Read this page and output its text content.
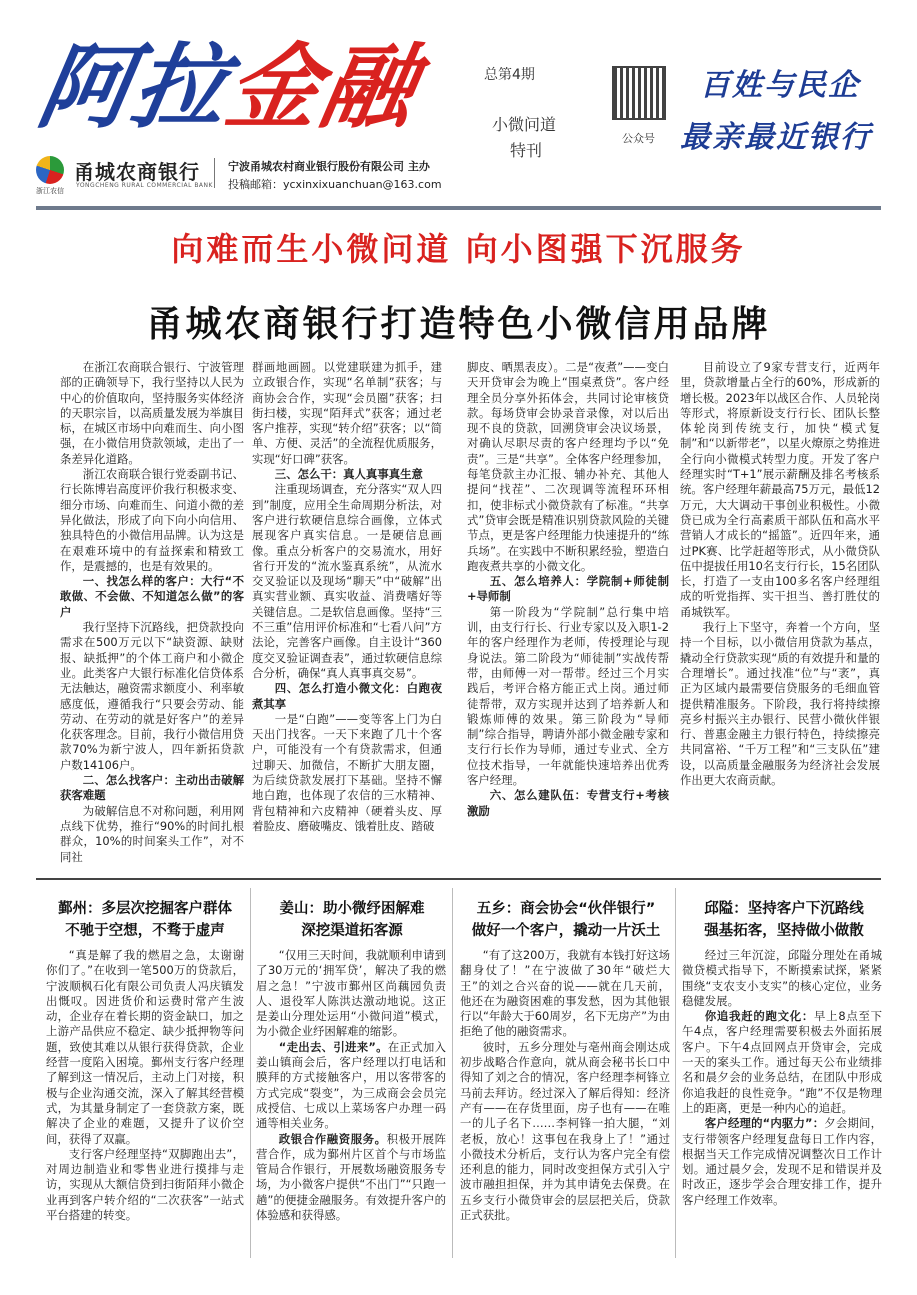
阿拉金融	总第4期
小微问道
特刊
公众号
百姓与民企
最亲最近银行
浙江农信
甬城农商银行
YONGCHENG RURAL COMMERCIAL BANK
宁波甬城农村商业银行股份有限公司 主办
投稿邮箱：ycxinxixuanchuan@163.com
向难而生小微问道 向小图强下沉服务
甬城农商银行打造特色小微信用品牌

在浙江农商联合银行、宁波管理部的正确领导下，我行坚持以人民为中心的价值取向，坚持服务实体经济的天职宗旨，以高质量发展为举旗目标，在城区市场中向难而生、向小图强，在小微信用贷款领域，走出了一条差异化道路。

浙江农商联合银行党委副书记、行长陈博岩高度评价我行积极求变、细分市场、向难而生、问道小微的差异化做法，形成了向下向小向信用、独具特色的小微信用品牌。认为这是在艰难环境中的有益探索和精致工作，是震撼的，也是有效果的。

一、找怎么样的客户：大行“不敢做、不会做、不知道怎么做”的客户

我行坚持下沉路线，把贷款投向需求在500万元以下“缺资源、缺财报、缺抵押”的个体工商户和小微企业。此类客户大银行标准化信贷体系无法触达，融资需求额度小、利率敏感度低，遵循我行“只要会劳动、能劳动、在劳动的就是好客户”的差异化获客理念。目前，我行小微信用贷款70%为新宁波人，四年新拓贷款户数14106户。

二、怎么找客户：主动出击破解获客难题

为破解信息不对称问题，利用网点线下优势，推行“90%的时间扎根群众，10%的时间案头工作”，对不同社

群画地画圆。以党建联建为抓手，建立政银合作，实现“名单制”获客；与商协会合作，实现“会员圈”获客；扫街扫楼，实现“陌拜式”获客；通过老客户推荐，实现“转介绍”获客；以“简单、方便、灵活”的全流程优质服务，实现“好口碑”获客。

三、怎么干：真人真事真生意

注重现场调查，充分落实“双人四到”制度，应用全生命周期分析法，对客户进行软硬信息综合画像，立体式展现客户真实信息。一是硬信息画像。重点分析客户的交易流水，用好省行开发的“流水鉴真系统”，从流水交叉验证以及现场“聊天”中“破解”出真实营业额、真实收益、消费嗜好等关键信息。二是软信息画像。坚持“三不三重”信用评价标准和“七看八问”方法论，完善客户画像。自主设计“360度交叉验证调查表”，通过软硬信息综合分析，确保“真人真事真交易”。

四、怎么打造小微文化：白跑夜煮其享

一是“白跑”——变等客上门为白天出门找客。一天下来跑了几十个客户，可能没有一个有贷款需求，但通过聊天、加微信，不断扩大朋友圈，为后续贷款发展打下基础。坚持不懈地白跑，也体现了农信的三水精神、背包精神和六皮精神（硬着头皮、厚着脸皮、磨破嘴皮、饿着肚皮、踏破

脚皮、晒黑表皮）。二是“夜煮”——变白天开贷审会为晚上“围桌煮贷”。客户经理全员分享外拓体会，共同讨论审核贷款。每场贷审会协录音录像，对以后出现不良的贷款，回溯贷审会决议场景，对确认尽职尽责的客户经理均予以“免责”。三是“共享”。全体客户经理参加，每笔贷款主办汇报、辅办补充、其他人提问“找茬”、二次现调等流程环环相扣，使非标式小微贷款有了标准。“共享式”贷审会既是精准识别贷款风险的关键节点，更是客户经理能力快速提升的“练兵场”。在实践中不断积累经验，塑造白跑夜煮共享的小微文化。

五、怎么培养人：学院制+师徒制+导师制

第一阶段为“学院制”总行集中培训，由支行行长、行业专家以及入职1-2年的客户经理作为老师，传授理论与现身说法。第二阶段为“师徒制”实战传帮带，由师傅一对一帮带。经过三个月实践后，考评合格方能正式上岗。通过师徒帮带，双方实现并达到了培养新人和锻炼师傅的效果。第三阶段为“导师制”综合指导，聘请外部小微金融专家和支行行长作为导师，通过专业式、全方位技术指导，一年就能快速培养出优秀客户经理。

六、怎么建队伍：专营支行+考核激励

目前设立了9家专营支行，近两年里，贷款增量占全行的60%，形成新的增长极。2023年以战区合作、人员轮岗等形式，将原新设支行行长、团队长整体轮岗到传统支行，加快“模式复制”和“以新带老”，以星火燎原之势推进全行向小微模式转型力度。开发了客户经理实时“T+1”展示薪酬及排名考核系统。客户经理年薪最高75万元，最低12万元，大大调动干事创业积极性。小微贷已成为全行高素质干部队伍和高水平营销人才成长的“摇篮”。近四年来，通过PK赛、比学赶超等形式，从小微贷队伍中提拔任用10名支行行长，15名团队长，打造了一支由100多名客户经理组成的听党指挥、实干担当、善打胜仗的甬城铁军。

我行上下坚守，奔着一个方向，坚持一个目标，以小微信用贷款为基点，撬动全行贷款实现“质的有效提升和量的合理增长”。通过找准“位”与“袤”，真正为区域内最需要信贷服务的毛细血管提供精准服务。下阶段，我行将持续擦亮乡村振兴主办银行、民营小微伙伴银行、普惠金融主力银行特色，持续擦亮共同富裕、“千万工程”和“三支队伍”建设，以高质量金融服务为经济社会发展作出更大农商贡献。

鄞州：多层次挖掘客户群体
不驰于空想，不骛于虚声
姜山：助小微纾困解难
深挖渠道拓客源
五乡：商会协会“伙伴银行”
做好一个客户，撬动一片沃土
邱隘：坚持客户下沉路线
强基拓客，坚持做小做散

“真是解了我的燃眉之急，太谢谢你们了。”在收到一笔500万的贷款后，宁波顺枫石化有限公司负责人冯庆镇发出慨叹。因进货价和运费时常产生波动，企业存在着长期的资金缺口，加之上游产品供应不稳定、缺少抵押物等问题，致使其难以从银行获得贷款，企业经营一度陷入困境。鄞州支行客户经理了解到这一情况后，主动上门对接，积极与企业沟通交流，深入了解其经营模式，为其量身制定了一套贷款方案，既解决了企业的难题，又提升了议价空间，获得了双赢。

支行客户经理坚持“双脚跑出去”，对周边制造业和零售业进行摸排与走访，实现从大额信贷到扫街陌拜小微企业再到客户转介绍的“二次获客”一站式平台搭建的转变。

“仅用三天时间，我就顺利申请到了30万元的‘拥军贷’，解决了我的燃眉之急！”宁波市鄞州区尚藕园负责人、退役军人陈洪达激动地说。这正是姜山分理处运用“小微问道”模式，为小微企业纾困解难的缩影。

“走出去、引进来”。在正式加入姜山镇商会后，客户经理以打电话和膜拜的方式接触客户，用以客带客的方式完成“裂变”，为三成商会会员完成授信、七成以上菜场客户办理一码通等相关业务。

政银合作融资服务。积极开展阵营合作，成为鄞州片区首个与市场监管局合作银行，开展数场融资服务专场，为小微客户提供“不出门”“只跑一趟”的便捷金融服务。有效提升客户的体验感和获得感。

“有了这200万，我就有本钱打好这场翻身仗了！”在宁波做了30年“破烂大王”的刘之合兴奋的说——就在几天前，他还在为融资困难的事发愁，因为其他银行以“年龄大于60周岁，名下无房产”为由拒绝了他的融资需求。

彼时，五乡分理处与亳州商会刚达成初步战略合作意向，就从商会秘书长口中得知了刘之合的情况，客户经理李柯锋立马前去拜访。经过深入了解后得知：经济产有——在存货里面，房子也有——在唯一的儿子名下……李柯锋一拍大腿，“刘老板，放心！这事包在我身上了！”通过小微技术分析后，支行认为客户完全有偿还利息的能力，同时改变担保方式引入宁波市融担担保，并为其申请免去保费。在五乡支行小微贷审会的层层把关后，贷款正式获批。

经过三年沉淀，邱隘分理处在甬城微贷模式指导下，不断摸索试探，紧紧围绕“支农支小支实”的核心定位，业务稳健发展。

你追我赶的跑文化：早上8点至下午4点，客户经理需要积极去外面拓展客户。下午4点回网点开贷审会，完成一天的案头工作。通过每天公布业绩排名和晨夕会的业务总结，在团队中形成你追我赶的良性竞争。“跑”不仅是物理上的距离，更是一种内心的追赶。

客户经理的“内驱力”：夕会期间，支行带领客户经理复盘每日工作内容，根据当天工作完成情况调整次日工作计划。通过晨夕会，发现不足和错误并及时改正，逐步学会合理安排工作，提升客户经理工作效率。
